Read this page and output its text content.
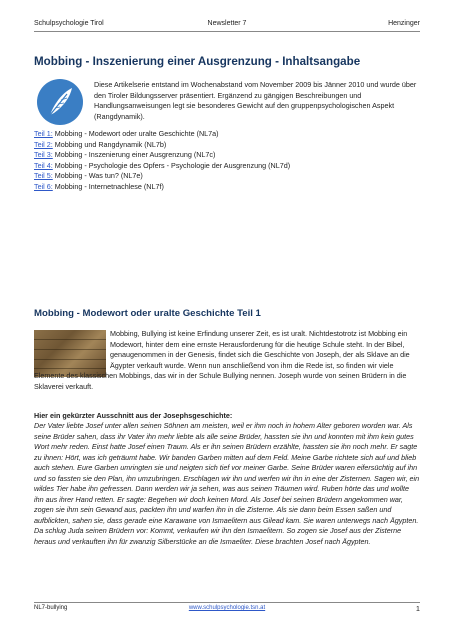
Schulpsychologie Tirol	Newsletter 7	Henzinger
Mobbing - Inszenierung einer Ausgrenzung - Inhaltsangabe

Diese Artikelserie entstand im Wochenabstand vom November 2009 bis Jänner 2010 und wurde über den Tiroler Bildungsserver präsentiert. Ergänzend zu gängigen Beschreibungen und Handlungsanweisungen legt sie besonderes Gewicht auf den gruppenpsychologischen Aspekt (Rangdynamik).

Teil 1: Mobbing - Modewort oder uralte Geschichte (NL7a)
Teil 2: Mobbing und Rangdynamik (NL7b)
Teil 3: Mobbing - Inszenierung einer Ausgrenzung (NL7c)
Teil 4: Mobbing - Psychologie des Opfers - Psychologie der Ausgrenzung (NL7d)
Teil 5: Mobbing - Was tun? (NL7e)
Teil 6: Mobbing - Internetnachlese (NL7f)
Mobbing - Modewort oder uralte Geschichte Teil 1

Mobbing, Bullying ist keine Erfindung unserer Zeit, es ist uralt. Nichtdestotrotz ist Mobbing ein Modewort, hinter dem eine ernste Herausforderung für die heutige Schule steht. In der Bibel, genaugenommen in der Genesis, findet sich die Geschichte von Joseph, der als Sklave an die Ägypter verkauft wurde. Wenn nun anschließend von ihm die Rede ist, so finden wir viele Elemente des klassischen Mobbings, das wir in der Schule Bullying nennen. Joseph wurde von seinen Brüdern in die Sklaverei verkauft.

Hier ein gekürzter Ausschnitt aus der Josephsgeschichte:

Der Vater liebte Josef unter allen seinen Söhnen am meisten, weil er ihm noch in hohem Alter geboren worden war. Als seine Brüder sahen, dass ihr Vater ihn mehr liebte als alle seine Brüder, hassten sie ihn und konnten mit ihm kein gutes Wort mehr reden. Einst hatte Josef einen Traum. Als er ihn seinen Brüdern erzählte, hassten sie ihn noch mehr. Er sagte zu ihnen: Hört, was ich geträumt habe. Wir banden Garben mitten auf dem Feld. Meine Garbe richtete sich auf und blieb auch stehen. Eure Garben umringten sie und neigten sich tief vor meiner Garbe. Seine Brüder waren eifersüchtig auf ihn und so fassten sie den Plan, ihn umzubringen. Erschlagen wir ihn und werfen wir ihn in eine der Zisternen. Sagen wir, ein wildes Tier habe ihn gefressen. Dann werden wir ja sehen, was aus seinen Träumen wird. Ruben hörte das und wollte ihn aus ihrer Hand retten. Er sagte: Begehen wir doch keinen Mord. Als Josef bei seinen Brüdern angekommen war, zogen sie ihm sein Gewand aus, packten ihn und warfen ihn in die Zisterne. Als sie dann beim Essen saßen und aufblickten, sahen sie, dass gerade eine Karawane von Ismaelitern aus Gilead kam. Sie waren unterwegs nach Ägypten. Da schlug Juda seinen Brüdern vor: Kommt, verkaufen wir ihn den Ismaelitern. So zogen sie Josef aus der Zisterne heraus und verkauften ihn für zwanzig Silberstücke an die Ismaeliter. Diese brachten Josef nach Ägypten.

NL7-bullying	www.schulpsychologie.tsn.at	1
